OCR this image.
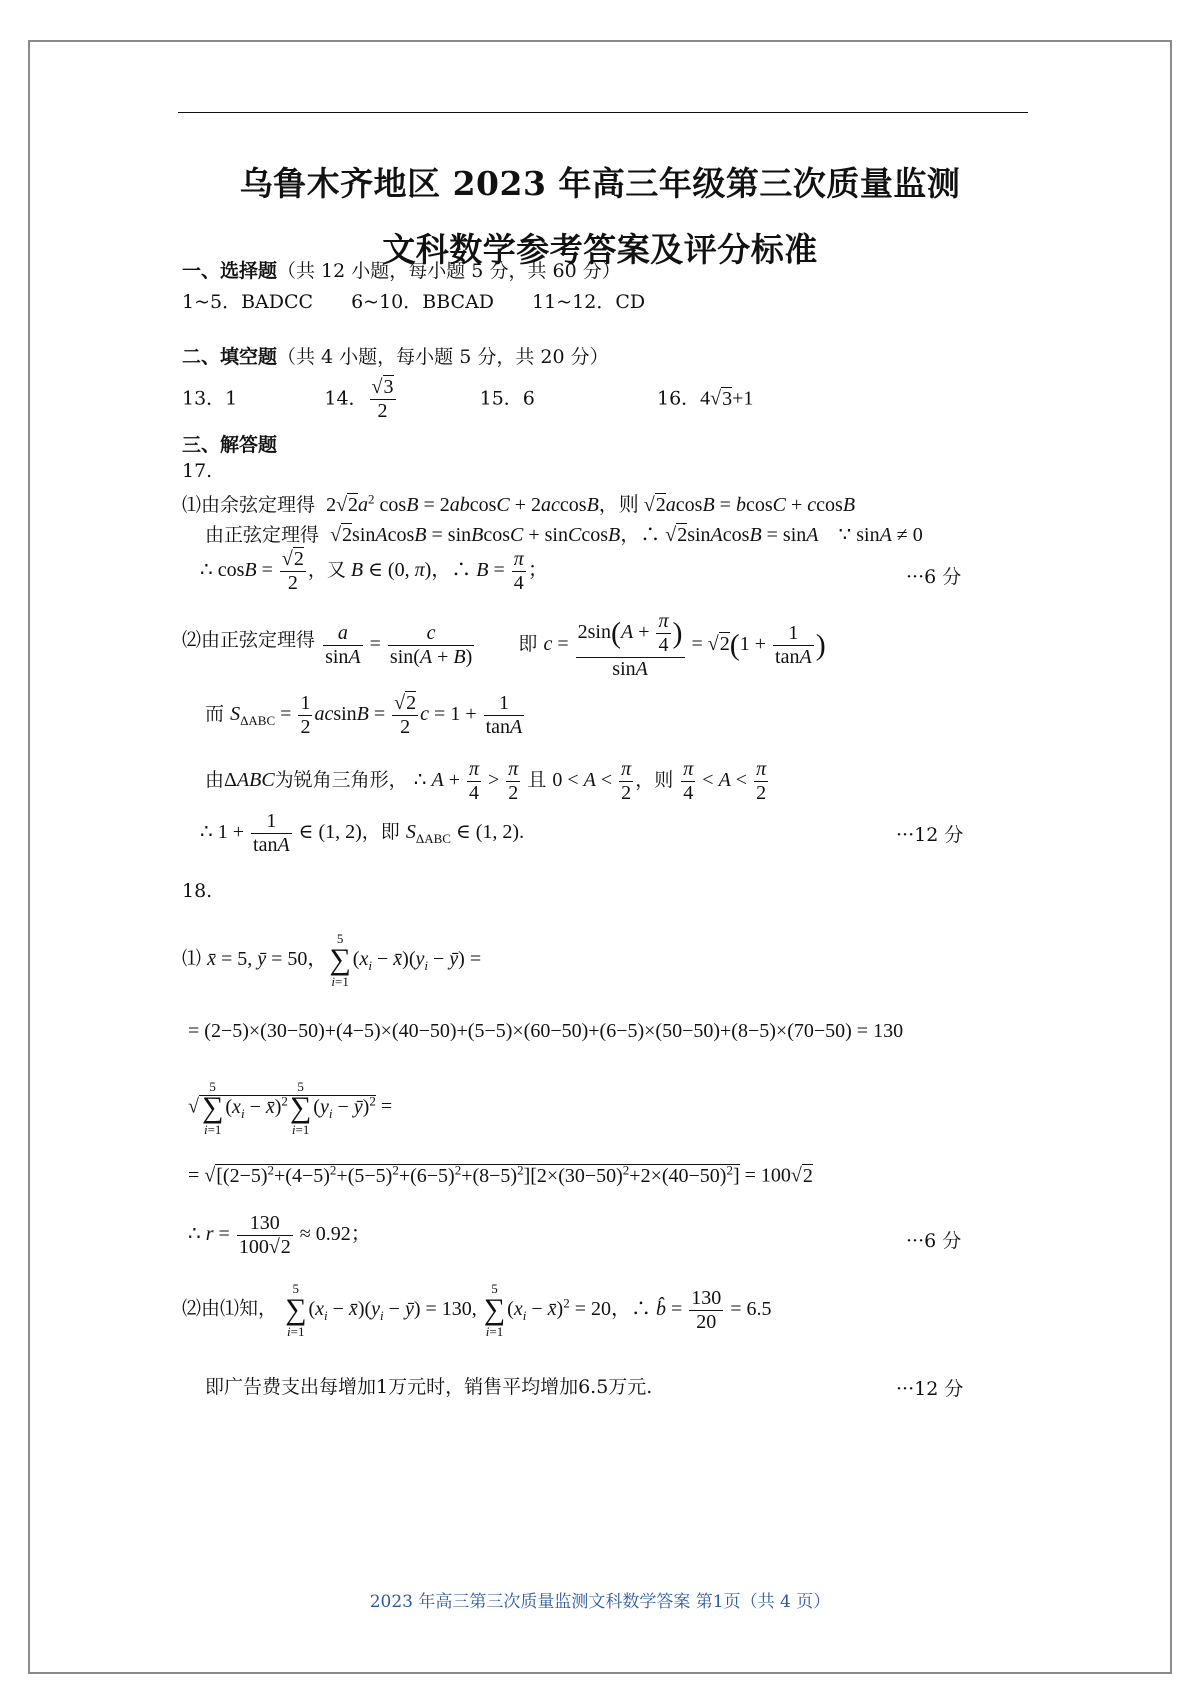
乌鲁木齐地区 2023 年高三年级第三次质量监测
文科数学参考答案及评分标准
一、选择题（共 12 小题，每小题 5 分，共 60 分）
1~5．BADCC　　6~10．BBCAD　　11~12．CD
二、填空题（共 4 小题，每小题 5 分，共 20 分）
13．1	14． $\frac{√3}{2}$	15．6	16．4√3+1
三、解答题
17.
⑴由余弦定理得  $2√2a^2$ cosB = 2abcosC + 2accosB，则 √2acosB = bcosC + ccosB
由正弦定理得  √2sinAcosB = sinBcosC + sinCcosB，∴ √2sinAcosB = sinA    ∵ sinA ≠ 0
∴ $\cos B = \frac{√2}{2}$ ，又 B ∈ (0, π)，∴ $B = \frac{\pi}{4}$ ；	···6 分
⑵由正弦定理得 $\frac{a}{\sin A} = \frac{c}{\sin(A + B)}$ 即 $c = \frac{2\sin(A + \frac{\pi}{4} )}{\sin A} = √2(1 + \frac{1}{\tan A}$ )
而 $S_{\Delta ABC} = \frac{1}{2}$ $acsinB = \frac{√2}{2}$ $c = 1 + \frac{1}{\tan A}$
由ΔABC为锐角三角形， ∴ $A + \frac{\pi}{4} > \frac{\pi}{2}$ 且 $0 < A < \frac{\pi}{2}$ ，则 $\frac{\pi}{4} < A < \frac{\pi}{2}$
∴ $1 + \frac{1}{\tan A}$ ∈ (1, 2)，即 $S_{\Delta ABC}$ ∈ (1, 2).	···12 分
18.
⑴ x̄ = 5, ȳ = 50，
5
∑
i=1
($x_i$ − $x̄)(y_i$ − ȳ) =
= (2−5)×(30−50)+(4−5)×(40−50)+(5−5)×(60−50)+(6−5)×(50−50)+(8−5)×(70−50) = 130
√
5
∑
i=1
($x_i$ − x̄)$^2$
5
∑
i=1
($y_i$ − ȳ)$^2$ =
= $√[(2-5)^2+(4-5)^2+(5-5)^2+(6-5)^2+(8-5)^2][2\times(30-50)^2+2\times(40-50)^2] = 100√2$
∴ $r = \frac{130}{100√2} \approx 0.92$；	···6 分
⑵由⑴知，
5
∑
i=1
($x_i$ − $x̄)(y_i$ − ȳ) = 130,
5
∑
i=1
($x_i$ − x̄)$^2$ = 20，∴ b̂ = $\frac{130}{20} = 6.5$
即广告费支出每增加1万元时，销售平均增加6.5万元.	···12 分
2023 年高三第三次质量监测文科数学答案 第1页（共 4 页）
